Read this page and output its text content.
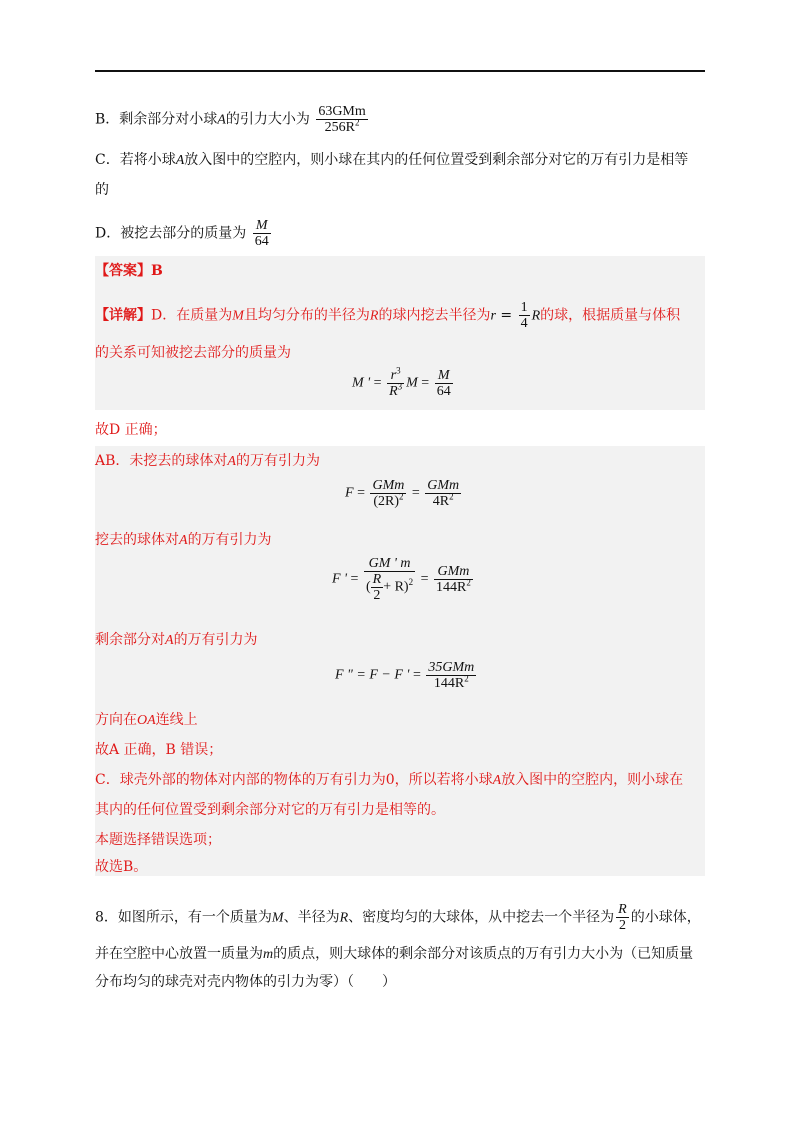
B．剩余部分对小球A的引力大小为 $\frac{\text{63GMm}}{256R^2}$
C．若将小球A放入图中的空腔内，则小球在其内的任何位置受到剩余部分对它的万有引力是相等
的
D．被挖去部分的质量为 $\frac{M}{64}$
【答案】B
【详解】D．在质量为M且均匀分布的半径为R的球内挖去半径为$r = \frac{1}{4}$ R的球，根据质量与体积
的关系可知被挖去部分的质量为
M ' = $\frac{r^3}{R^3}$ $M = \frac{M}{64}$
故D 正确；
AB．未挖去的球体对A的万有引力为
$F = \frac{\text{GMm}}{(2R)^2} = \frac{\text{GMm}}{4R^2}$
挖去的球体对A的万有引力为
F ' = $\frac{GM ' m}{( \frac{R}{2} + R)^2} = \frac{\text{GMm}}{144R^2}$
剩余部分对A的万有引力为
F " = F − F ' = $\frac{\text{35GMm}}{144R^2}$
方向在OA连线上
故A 正确，B 错误；
C．球壳外部的物体对内部的物体的万有引力为0，所以若将小球A放入图中的空腔内，则小球在
其内的任何位置受到剩余部分对它的万有引力是相等的。
本题选择错误选项；
故选B。
8．如图所示，有一个质量为M、半径为R、密度均匀的大球体，从中挖去一个半径为 $\frac{R}{2}$ 的小球体，
并在空腔中心放置一质量为m的质点，则大球体的剩余部分对该质点的万有引力大小为（已知质量
分布均匀的球壳对壳内物体的引力为零）（　　）
